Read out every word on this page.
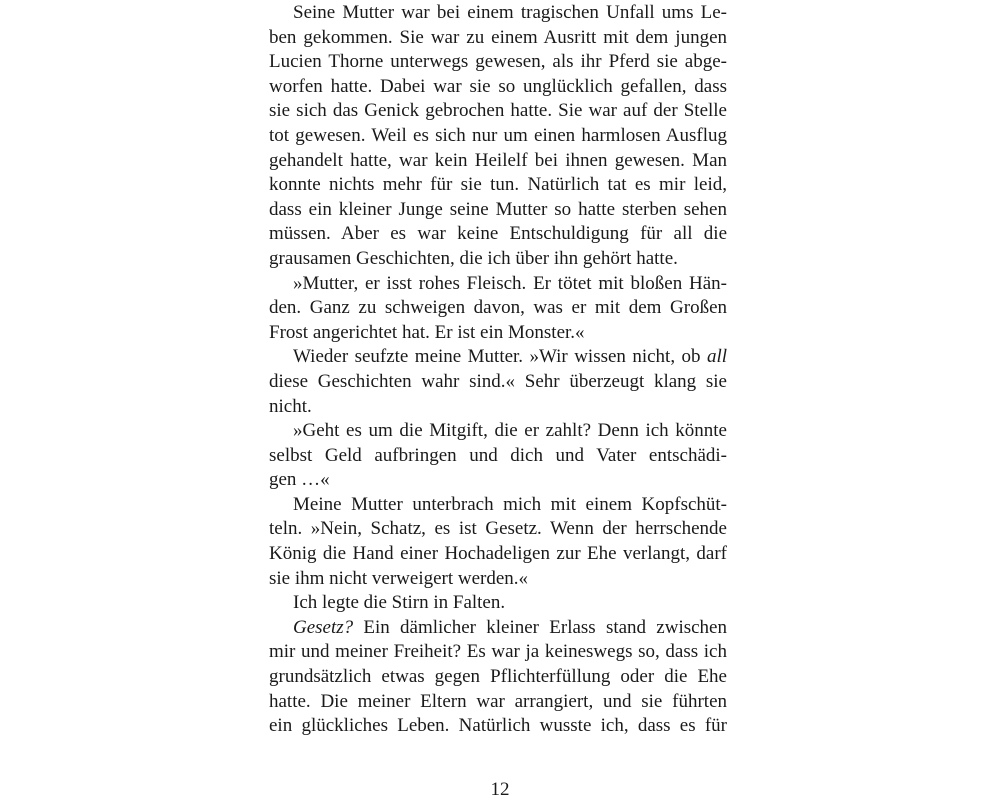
Seine Mutter war bei einem tragischen Unfall ums Le-
ben gekommen. Sie war zu einem Ausritt mit dem jungen
Lucien Thorne unterwegs gewesen, als ihr Pferd sie abge-
worfen hatte. Dabei war sie so unglücklich gefallen, dass
sie sich das Genick gebrochen hatte. Sie war auf der Stelle
tot gewesen. Weil es sich nur um einen harmlosen Ausflug
gehandelt hatte, war kein Heilelf bei ihnen gewesen. Man
konnte nichts mehr für sie tun. Natürlich tat es mir leid,
dass ein kleiner Junge seine Mutter so hatte sterben sehen
müssen. Aber es war keine Entschuldigung für all die
grausamen Geschichten, die ich über ihn gehört hatte.
»Mutter, er isst rohes Fleisch. Er tötet mit bloßen Hän-
den. Ganz zu schweigen davon, was er mit dem Großen
Frost angerichtet hat. Er ist ein Monster.«
Wieder seufzte meine Mutter. »Wir wissen nicht, ob all
diese Geschichten wahr sind.« Sehr überzeugt klang sie
nicht.
»Geht es um die Mitgift, die er zahlt? Denn ich könnte
selbst Geld aufbringen und dich und Vater entschädi-
gen …«
Meine Mutter unterbrach mich mit einem Kopfschüt-
teln. »Nein, Schatz, es ist Gesetz. Wenn der herrschende
König die Hand einer Hochadeligen zur Ehe verlangt, darf
sie ihm nicht verweigert werden.«
Ich legte die Stirn in Falten.
Gesetz? Ein dämlicher kleiner Erlass stand zwischen
mir und meiner Freiheit? Es war ja keineswegs so, dass ich
grundsätzlich etwas gegen Pflichterfüllung oder die Ehe
hatte. Die meiner Eltern war arrangiert, und sie führten
ein glückliches Leben. Natürlich wusste ich, dass es für
12
